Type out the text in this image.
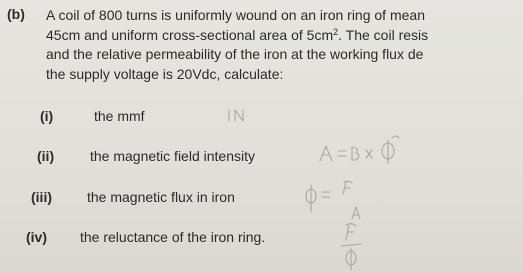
(b) A coil of 800 turns is uniformly wound on an iron ring of mean
45cm and uniform cross-sectional area of $5cm^2$. The coil resis
and the relative permeability of the iron at the working flux de
the supply voltage is 20Vdc, calculate:
(i)	the mmf
(ii)	the magnetic field intensity
(iii)	the magnetic flux in iron
(iv) the reluctance of the iron ring.
